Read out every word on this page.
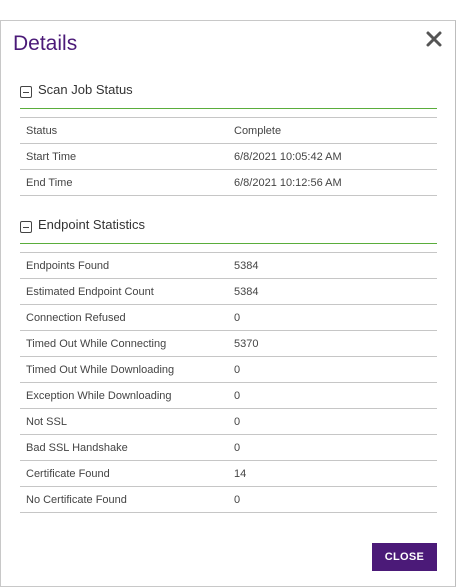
Details
Scan Job Status
Status	Complete
Start Time	6/8/2021 10:05:42 AM
End Time	6/8/2021 10:12:56 AM
Endpoint Statistics
Endpoints Found	5384
Estimated Endpoint Count	5384
Connection Refused	0
Timed Out While Connecting	5370
Timed Out While Downloading	0
Exception While Downloading	0
Not SSL	0
Bad SSL Handshake	0
Certificate Found	14
No Certificate Found	0
CLOSE
